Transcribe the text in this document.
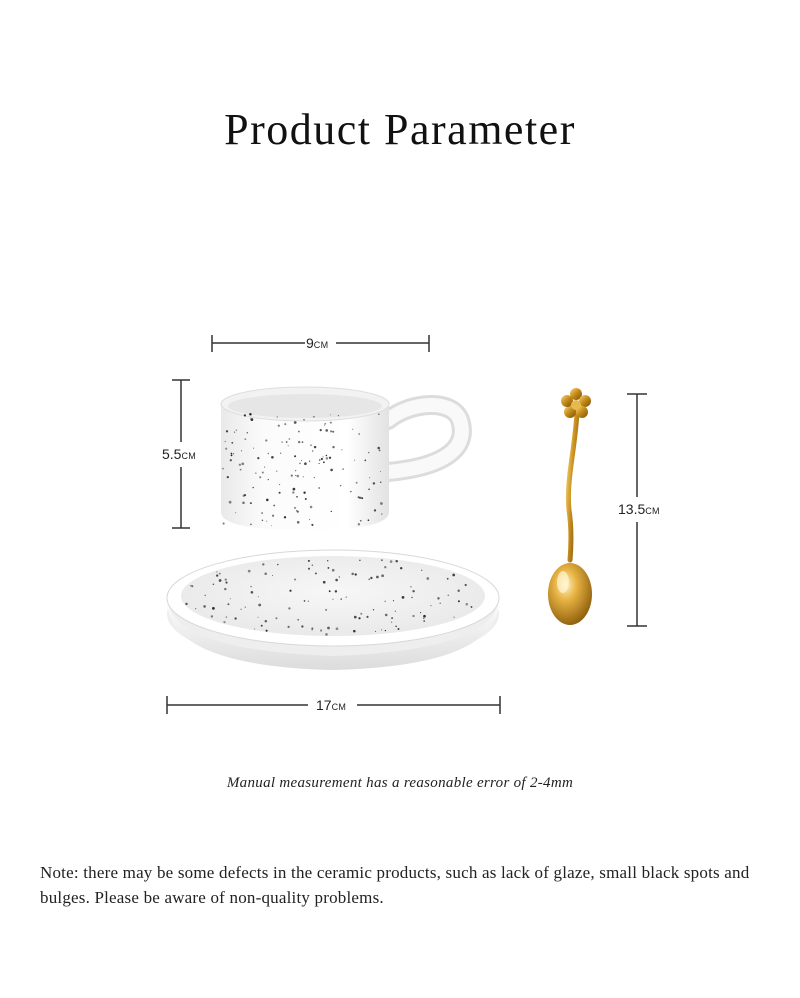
Product Parameter
9CM
5.5CM
13.5CM
17CM
Manual measurement has a reasonable error of 2-4mm
Note: there may be some defects in the ceramic products, such as lack of glaze, small black spots and bulges. Please be aware of non-quality problems.
